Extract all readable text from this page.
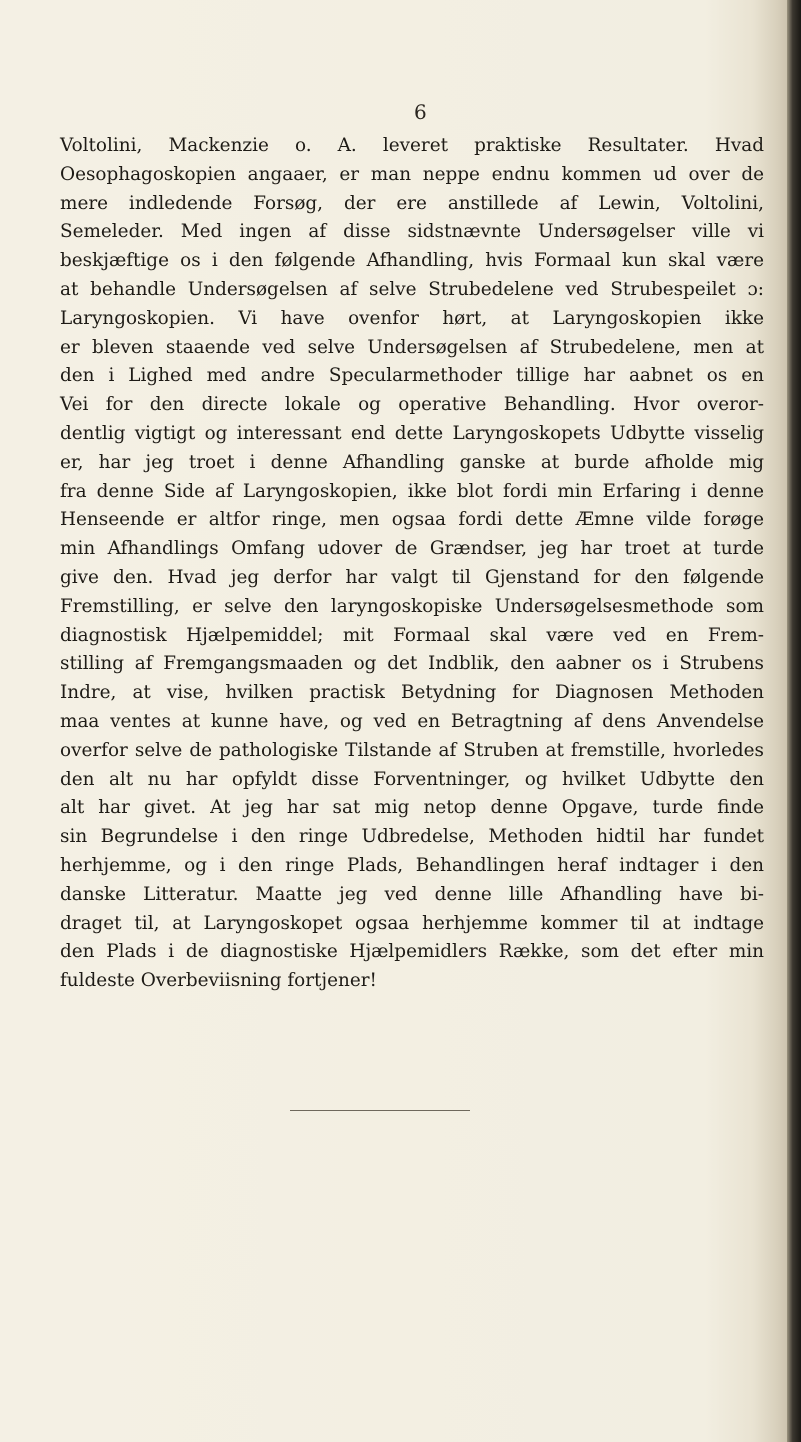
6

Voltolini, Mackenzie o. A. leveret praktiske Resultater. Hvad
Oesophagoskopien angaaer, er man neppe endnu kommen ud over de
mere indledende Forsøg, der ere anstillede af Lewin, Voltolini,
Semeleder. Med ingen af disse sidstnævnte Undersøgelser ville vi
beskjæftige os i den følgende Afhandling, hvis Formaal kun skal være
at behandle Undersøgelsen af selve Strubedelene ved Strubespeilet ɔ:
Laryngoskopien. Vi have ovenfor hørt, at Laryngoskopien ikke
er bleven staaende ved selve Undersøgelsen af Strubedelene, men at
den i Lighed med andre Specularmethoder tillige har aabnet os en
Vei for den directe lokale og operative Behandling. Hvor overor-
dentlig vigtigt og interessant end dette Laryngoskopets Udbytte visselig
er, har jeg troet i denne Afhandling ganske at burde afholde mig
fra denne Side af Laryngoskopien, ikke blot fordi min Erfaring i denne
Henseende er altfor ringe, men ogsaa fordi dette Æmne vilde forøge
min Afhandlings Omfang udover de Grændser, jeg har troet at turde
give den. Hvad jeg derfor har valgt til Gjenstand for den følgende
Fremstilling, er selve den laryngoskopiske Undersøgelsesmethode som
diagnostisk Hjælpemiddel; mit Formaal skal være ved en Frem-
stilling af Fremgangsmaaden og det Indblik, den aabner os i Strubens
Indre, at vise, hvilken practisk Betydning for Diagnosen Methoden
maa ventes at kunne have, og ved en Betragtning af dens Anvendelse
overfor selve de pathologiske Tilstande af Struben at fremstille, hvorledes
den alt nu har opfyldt disse Forventninger, og hvilket Udbytte den
alt har givet. At jeg har sat mig netop denne Opgave, turde finde
sin Begrundelse i den ringe Udbredelse, Methoden hidtil har fundet
herhjemme, og i den ringe Plads, Behandlingen heraf indtager i den
danske Litteratur. Maatte jeg ved denne lille Afhandling have bi-
draget til, at Laryngoskopet ogsaa herhjemme kommer til at indtage
den Plads i de diagnostiske Hjælpemidlers Række, som det efter min
fuldeste Overbeviisning fortjener!
